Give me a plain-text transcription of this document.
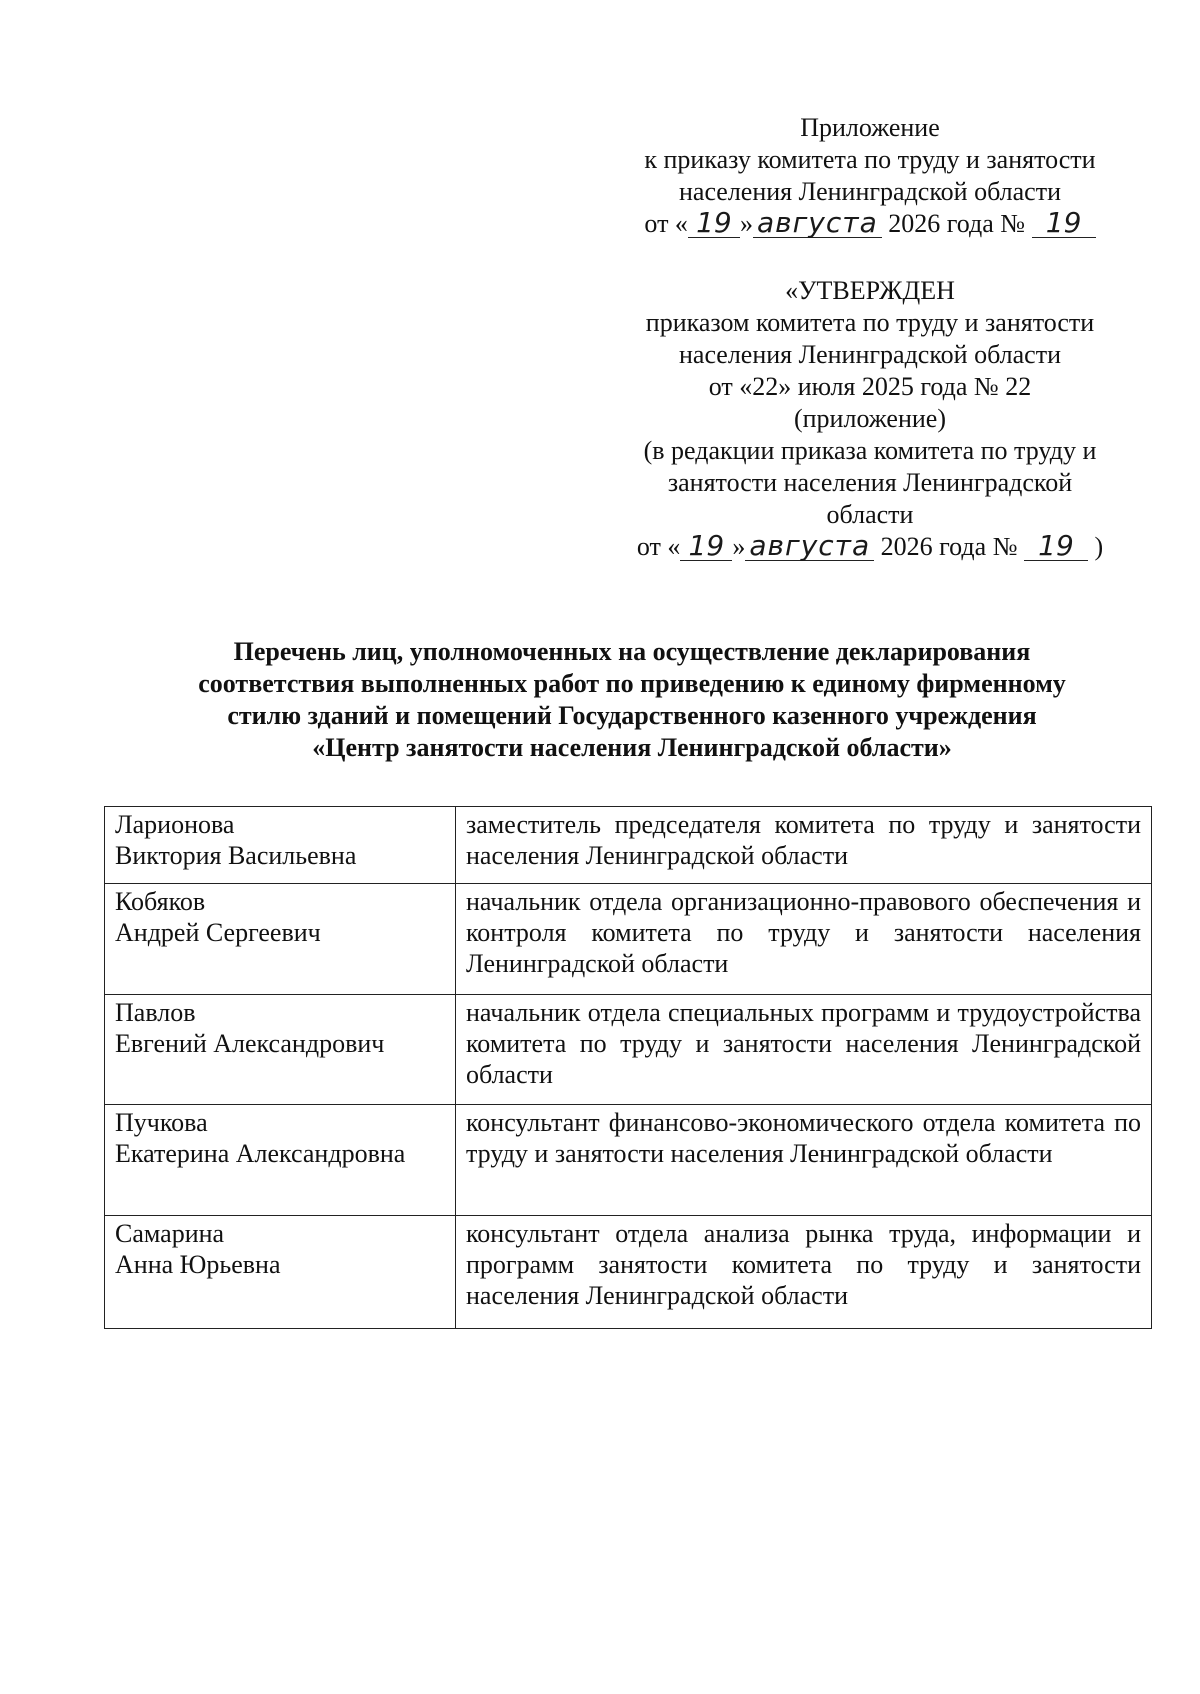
Приложение
к приказу комитета по труду и занятости
населения Ленинградской области
от « 19 » августа 2026 года № 19
«УТВЕРЖДЕН
приказом комитета по труду и занятости
населения Ленинградской области
от «22» июля 2025 года № 22
(приложение)
(в редакции приказа комитета по труду и
занятости населения Ленинградской
области
от « 19 » августа 2026 года № 19 )
Перечень лиц, уполномоченных на осуществление декларирования
соответствия выполненных работ по приведению к единому фирменному
стилю зданий и помещений Государственного казенного учреждения
«Центр занятости населения Ленинградской области»
Ларионова
Виктория Васильевна	заместитель председателя комитета по труду и занятости населения Ленинградской области

Кобяков
Андрей Сергеевич	начальник отдела организационно-правового обеспечения и контроля комитета по труду и занятости населения Ленинградской области

Павлов
Евгений Александрович	начальник отдела специальных программ и трудоустройства комитета по труду и занятости населения Ленинградской области

Пучкова
Екатерина Александровна	консультант финансово-экономического отдела комитета по труду и занятости населения Ленинградской области

Самарина
Анна Юрьевна	консультант отдела анализа рынка труда, информации и программ занятости комитета по труду и занятости населения Ленинградской области
